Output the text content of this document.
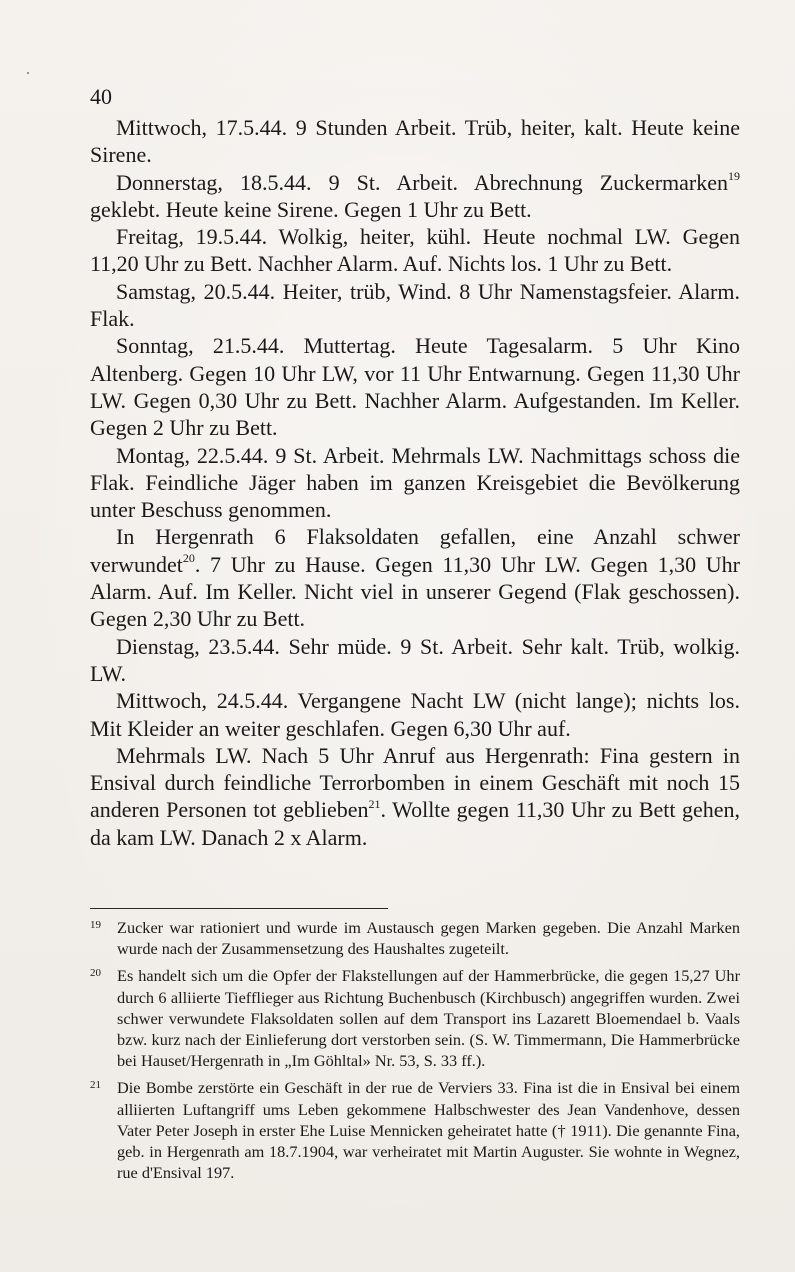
40

Mittwoch, 17.5.44. 9 Stunden Arbeit. Trüb, heiter, kalt. Heute keine Sirene.

Donnerstag, 18.5.44. 9 St. Arbeit. Abrechnung Zuckermarken$^{19}$ geklebt. Heute keine Sirene. Gegen 1 Uhr zu Bett.

Freitag, 19.5.44. Wolkig, heiter, kühl. Heute nochmal LW. Gegen 11,20 Uhr zu Bett. Nachher Alarm. Auf. Nichts los. 1 Uhr zu Bett.

Samstag, 20.5.44. Heiter, trüb, Wind. 8 Uhr Namenstagsfeier. Alarm. Flak.

Sonntag, 21.5.44. Muttertag. Heute Tagesalarm. 5 Uhr Kino Altenberg. Gegen 10 Uhr LW, vor 11 Uhr Entwarnung. Gegen 11,30 Uhr LW. Gegen 0,30 Uhr zu Bett. Nachher Alarm. Aufgestanden. Im Keller. Gegen 2 Uhr zu Bett.

Montag, 22.5.44. 9 St. Arbeit. Mehrmals LW. Nachmittags schoss die Flak. Feindliche Jäger haben im ganzen Kreisgebiet die Bevölkerung unter Beschuss genommen.

In Hergenrath 6 Flaksoldaten gefallen, eine Anzahl schwer verwundet$^{20}$. 7 Uhr zu Hause. Gegen 11,30 Uhr LW. Gegen 1,30 Uhr Alarm. Auf. Im Keller. Nicht viel in unserer Gegend (Flak geschossen). Gegen 2,30 Uhr zu Bett.

Dienstag, 23.5.44. Sehr müde. 9 St. Arbeit. Sehr kalt. Trüb, wolkig. LW.

Mittwoch, 24.5.44. Vergangene Nacht LW (nicht lange); nichts los. Mit Kleider an weiter geschlafen. Gegen 6,30 Uhr auf.

Mehrmals LW. Nach 5 Uhr Anruf aus Hergenrath: Fina gestern in Ensival durch feindliche Terrorbomben in einem Geschäft mit noch 15 anderen Personen tot geblieben$^{21}$. Wollte gegen 11,30 Uhr zu Bett gehen, da kam LW. Danach 2 x Alarm.

19 Zucker war rationiert und wurde im Austausch gegen Marken gegeben. Die Anzahl Marken wurde nach der Zusammensetzung des Haushaltes zugeteilt.
20 Es handelt sich um die Opfer der Flakstellungen auf der Hammerbrücke, die gegen 15,27 Uhr durch 6 alliierte Tiefflieger aus Richtung Buchenbusch (Kirchbusch) angegriffen wurden. Zwei schwer verwundete Flaksoldaten sollen auf dem Transport ins Lazarett Bloemendael b. Vaals bzw. kurz nach der Einlieferung dort verstorben sein. (S. W. Timmermann, Die Hammerbrücke bei Hauset/Hergenrath in „Im Göhltal» Nr. 53, S. 33 ff.).
21 Die Bombe zerstörte ein Geschäft in der rue de Verviers 33. Fina ist die in Ensival bei einem alliierten Luftangriff ums Leben gekommene Halbschwester des Jean Vandenhove, dessen Vater Peter Joseph in erster Ehe Luise Mennicken geheiratet hatte († 1911). Die genannte Fina, geb. in Hergenrath am 18.7.1904, war verheiratet mit Martin Auguster. Sie wohnte in Wegnez, rue d'Ensival 197.
